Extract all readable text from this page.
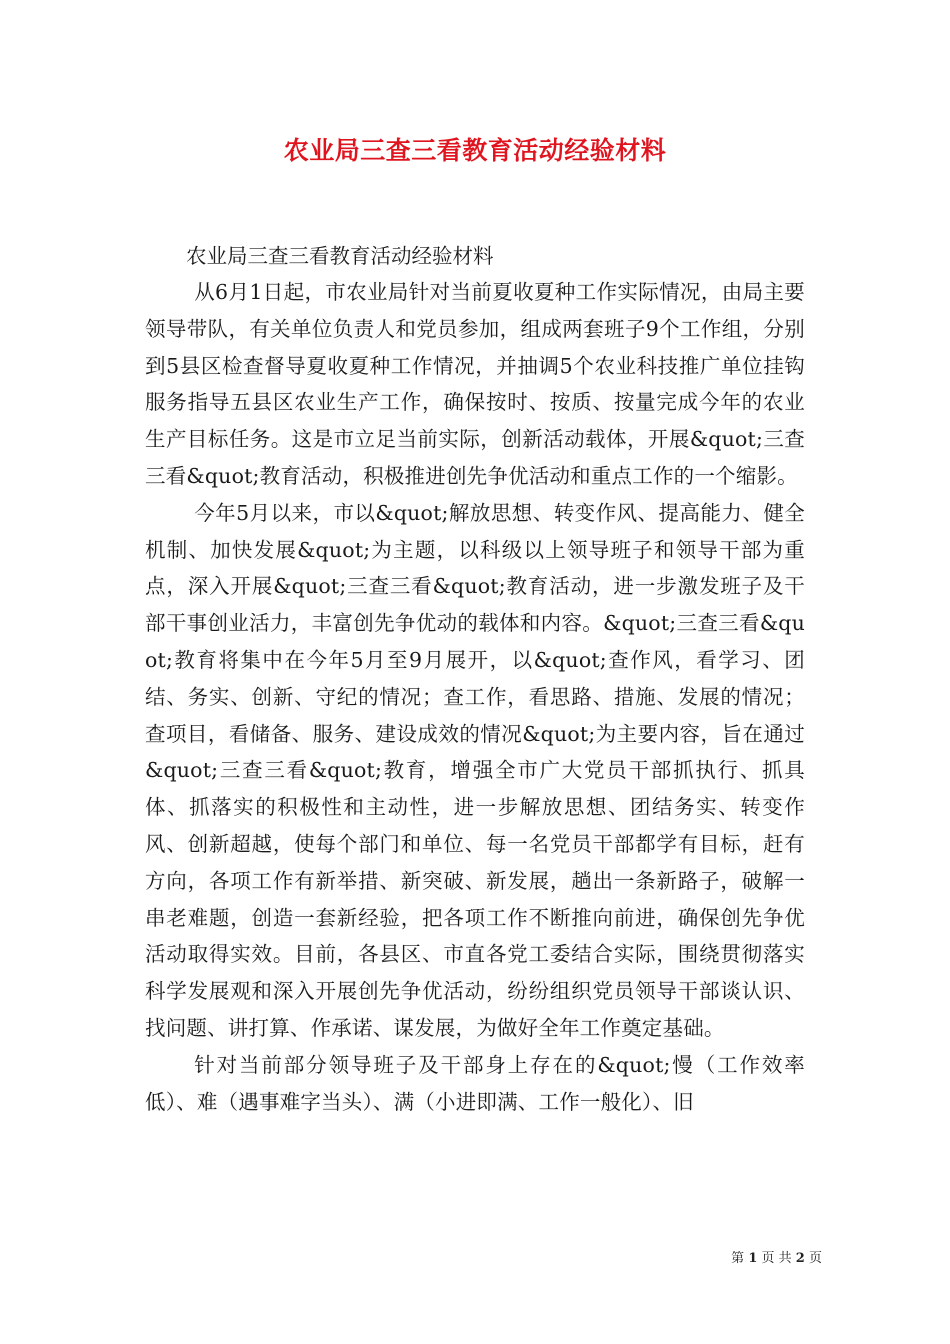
农业局三查三看教育活动经验材料
农业局三查三看教育活动经验材料

从6月1日起，市农业局针对当前夏收夏种工作实际情况，由局主要领导带队，有关单位负责人和党员参加，组成两套班子9个工作组，分别到5县区检查督导夏收夏种工作情况，并抽调5个农业科技推广单位挂钩服务指导五县区农业生产工作，确保按时、按质、按量完成今年的农业生产目标任务。这是市立足当前实际，创新活动载体，开展&quot;三查三看&quot;教育活动，积极推进创先争优活动和重点工作的一个缩影。

今年5月以来，市以&quot;解放思想、转变作风、提高能力、健全机制、加快发展&quot;为主题，以科级以上领导班子和领导干部为重点，深入开展&quot;三查三看&quot;教育活动，进一步激发班子及干部干事创业活力，丰富创先争优动的载体和内容。&quot;三查三看&quot;教育将集中在今年5月至9月展开，以&quot;查作风，看学习、团结、务实、创新、守纪的情况；查工作，看思路、措施、发展的情况；查项目，看储备、服务、建设成效的情况&quot;为主要内容，旨在通过&quot;三查三看&quot;教育，增强全市广大党员干部抓执行、抓具体、抓落实的积极性和主动性，进一步解放思想、团结务实、转变作风、创新超越，使每个部门和单位、每一名党员干部都学有目标，赶有方向，各项工作有新举措、新突破、新发展，趟出一条新路子，破解一串老难题，创造一套新经验，把各项工作不断推向前进，确保创先争优活动取得实效。目前，各县区、市直各党工委结合实际，围绕贯彻落实科学发展观和深入开展创先争优活动，纷纷组织党员领导干部谈认识、找问题、讲打算、作承诺、谋发展，为做好全年工作奠定基础。

针对当前部分领导班子及干部身上存在的&quot;慢（工作效率低）、难（遇事难字当头）、满（小进即满、工作一般化）、旧

第 1 页 共 2 页
